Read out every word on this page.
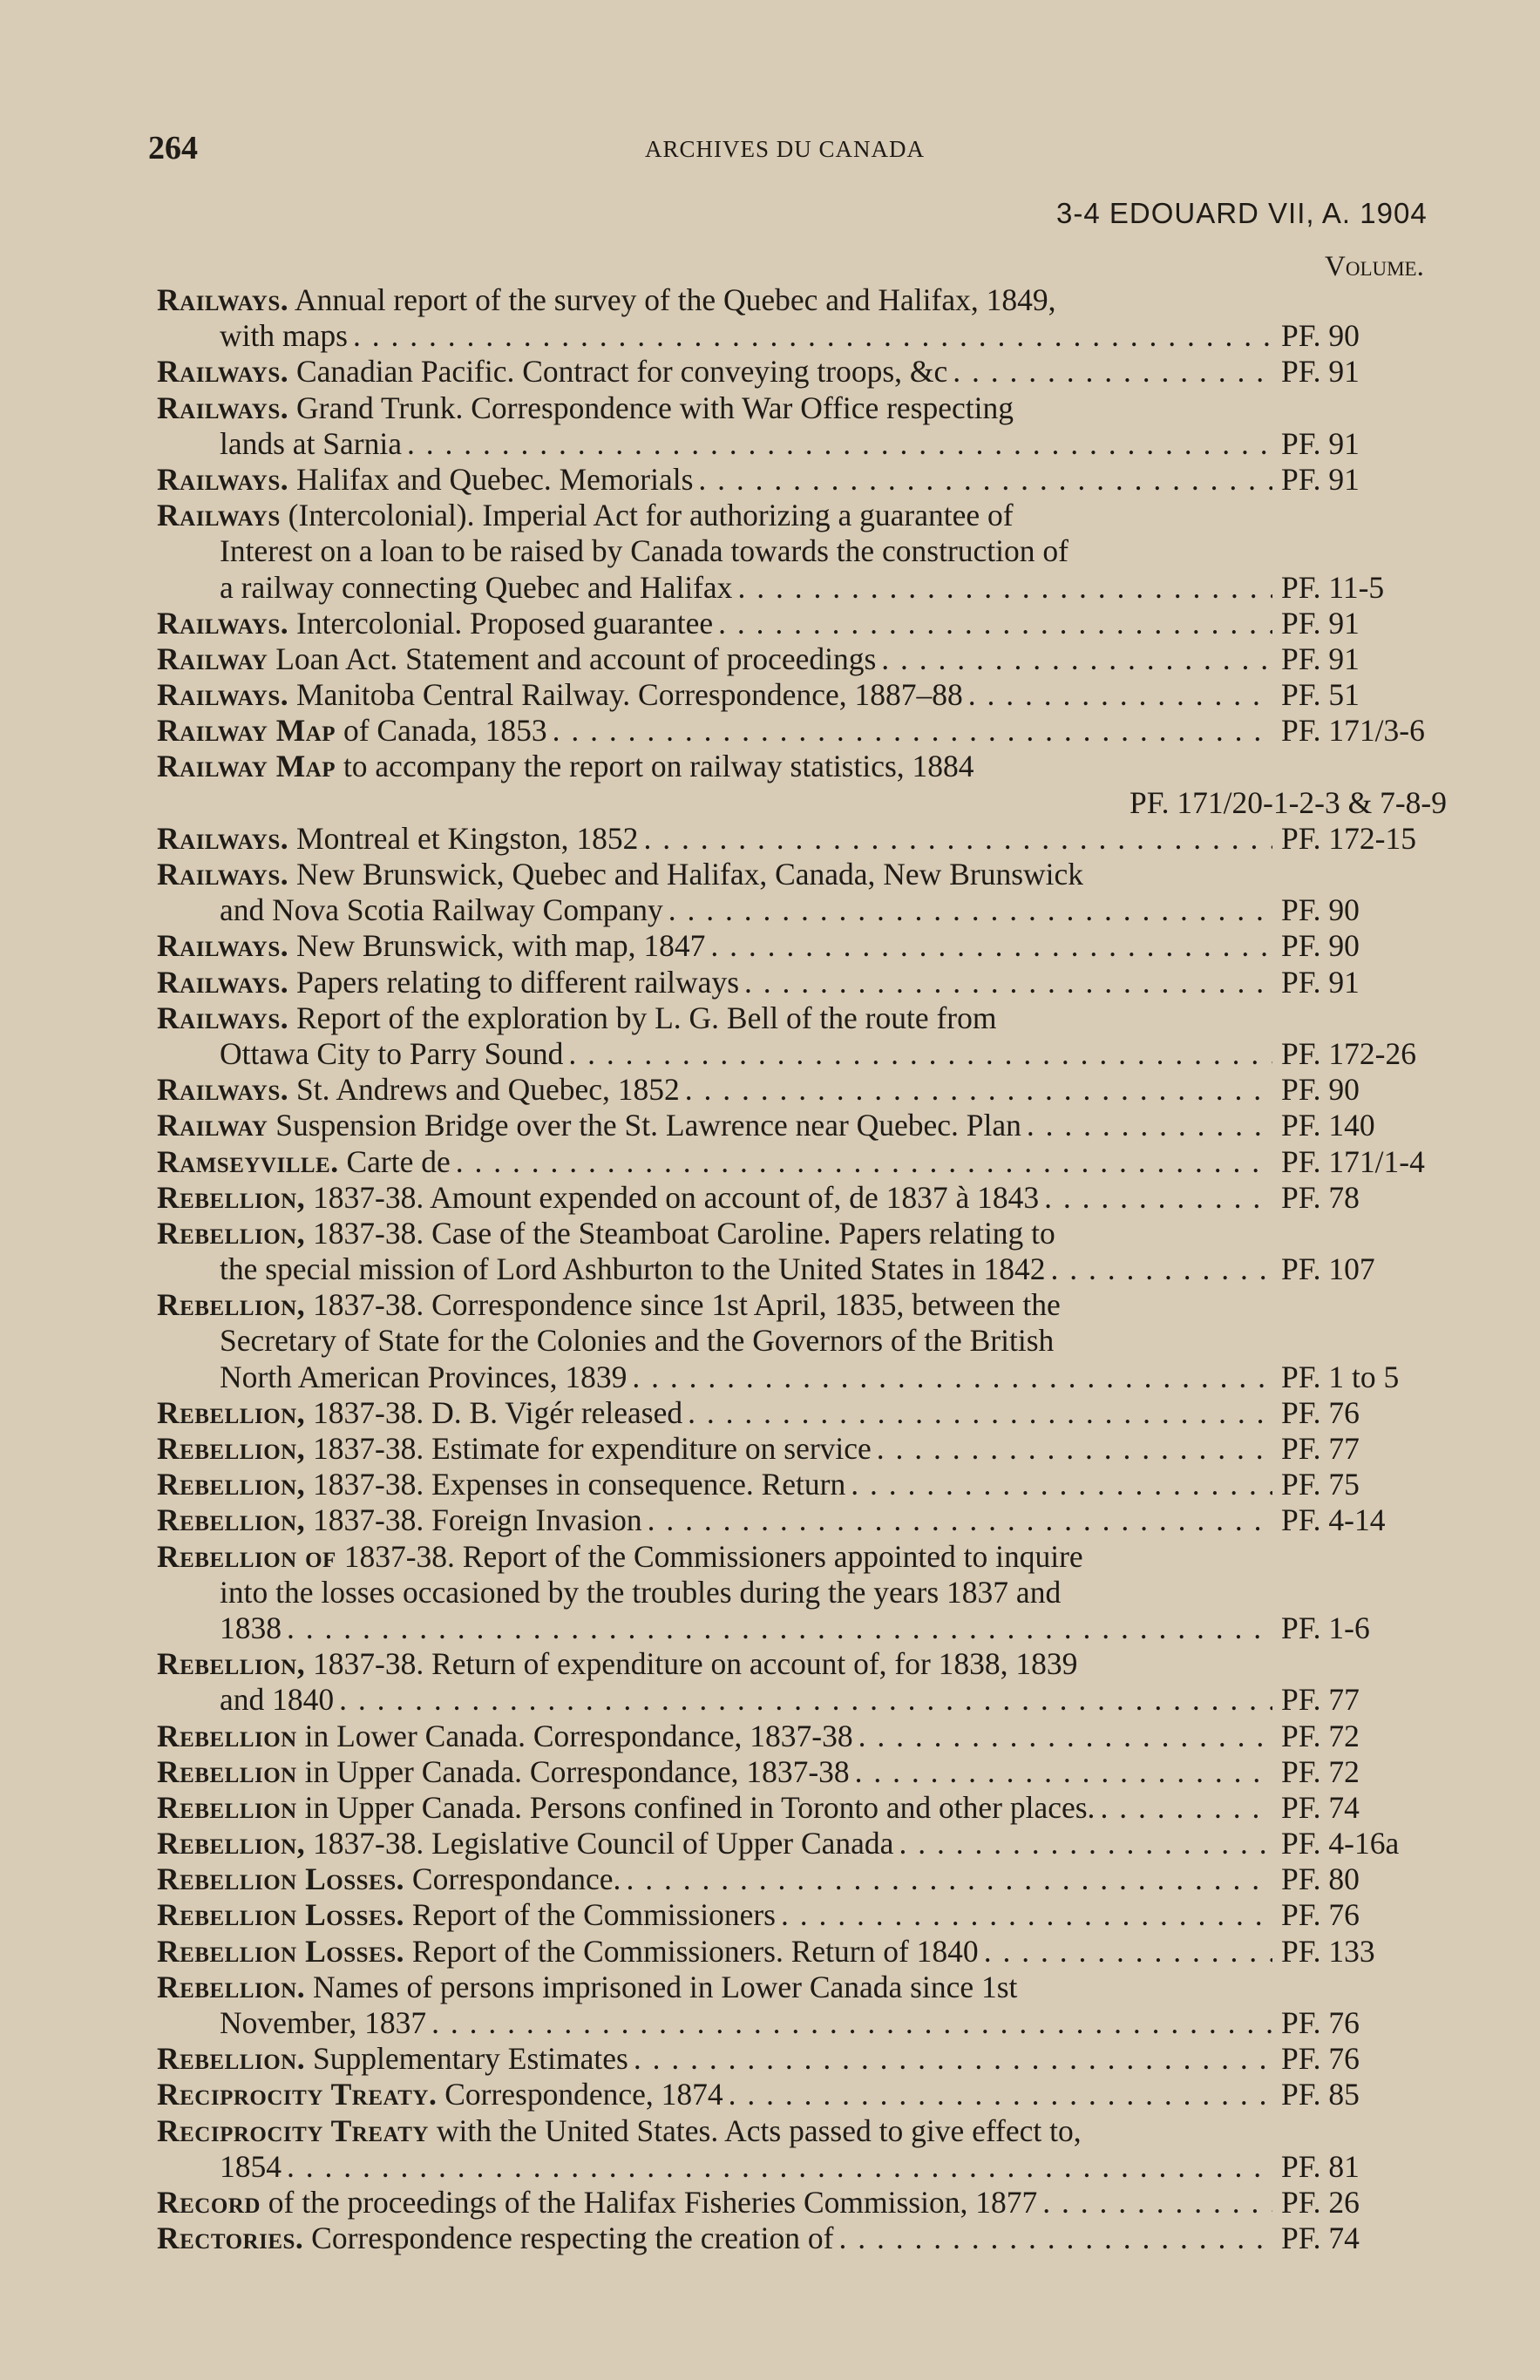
264	ARCHIVES DU CANADA
3-4 EDOUARD VII, A. 1904
Volume.
Railways. Annual report of the survey of the Quebec and Halifax, 1849,
with maps . . .	PF. 90
Railways. Canadian Pacific. Contract for conveying troops, &c . . .	PF. 91
Railways. Grand Trunk. Correspondence with War Office respecting
lands at Sarnia . . .	PF. 91
Railways. Halifax and Quebec. Memorials . . .	PF. 91
Railways (Intercolonial). Imperial Act for authorizing a guarantee of
Interest on a loan to be raised by Canada towards the construction of
a railway connecting Quebec and Halifax . . .	PF. 11-5
Railways. Intercolonial. Proposed guarantee . . .	PF. 91
Railway Loan Act. Statement and account of proceedings . . .	PF. 91
Railways. Manitoba Central Railway. Correspondence, 1887–88 . . .	PF. 51
Railway Map of Canada, 1853 . . .	PF. 171/3-6
Railway Map to accompany the report on railway statistics, 1884
PF. 171/20-1-2-3 & 7-8-9
Railways. Montreal et Kingston, 1852 . . .	PF. 172-15
Railways. New Brunswick, Quebec and Halifax, Canada, New Brunswick
and Nova Scotia Railway Company . . .	PF. 90
Railways. New Brunswick, with map, 1847 . . .	PF. 90
Railways. Papers relating to different railways . . .	PF. 91
Railways. Report of the exploration by L. G. Bell of the route from
Ottawa City to Parry Sound . . .	PF. 172-26
Railways. St. Andrews and Quebec, 1852 . . .	PF. 90
Railway Suspension Bridge over the St. Lawrence near Quebec. Plan . . .	PF. 140
Ramseyville. Carte de . . .	PF. 171/1-4
Rebellion, 1837-38. Amount expended on account of, de 1837 à 1843 . . .	PF. 78
Rebellion, 1837-38. Case of the Steamboat Caroline. Papers relating to
the special mission of Lord Ashburton to the United States in 1842 . . .	PF. 107
Rebellion, 1837-38. Correspondence since 1st April, 1835, between the
Secretary of State for the Colonies and the Governors of the British
North American Provinces, 1839 . . .	PF. 1 to 5
Rebellion, 1837-38. D. B. Vigér released . . .	PF. 76
Rebellion, 1837-38. Estimate for expenditure on service . . .	PF. 77
Rebellion, 1837-38. Expenses in consequence. Return . . .	PF. 75
Rebellion, 1837-38. Foreign Invasion . . .	PF. 4-14
Rebellion of 1837-38. Report of the Commissioners appointed to inquire
into the losses occasioned by the troubles during the years 1837 and
1838 . . .	PF. 1-6
Rebellion, 1837-38. Return of expenditure on account of, for 1838, 1839
and 1840 . . .	PF. 77
Rebellion in Lower Canada. Correspondance, 1837-38 . . .	PF. 72
Rebellion in Upper Canada. Correspondance, 1837-38 . . .	PF. 72
Rebellion in Upper Canada. Persons confined in Toronto and other places. . . .	PF. 74
Rebellion, 1837-38. Legislative Council of Upper Canada . . .	PF. 4-16a
Rebellion Losses. Correspondance. . . .	PF. 80
Rebellion Losses. Report of the Commissioners . . .	PF. 76
Rebellion Losses. Report of the Commissioners. Return of 1840 . . .	PF. 133
Rebellion. Names of persons imprisoned in Lower Canada since 1st
November, 1837 . . .	PF. 76
Rebellion. Supplementary Estimates . . .	PF. 76
Reciprocity Treaty. Correspondence, 1874 . . .	PF. 85
Reciprocity Treaty with the United States. Acts passed to give effect to,
1854 . . .	PF. 81
Record of the proceedings of the Halifax Fisheries Commission, 1877 . . .	PF. 26
Rectories. Correspondence respecting the creation of . . .	PF. 74
